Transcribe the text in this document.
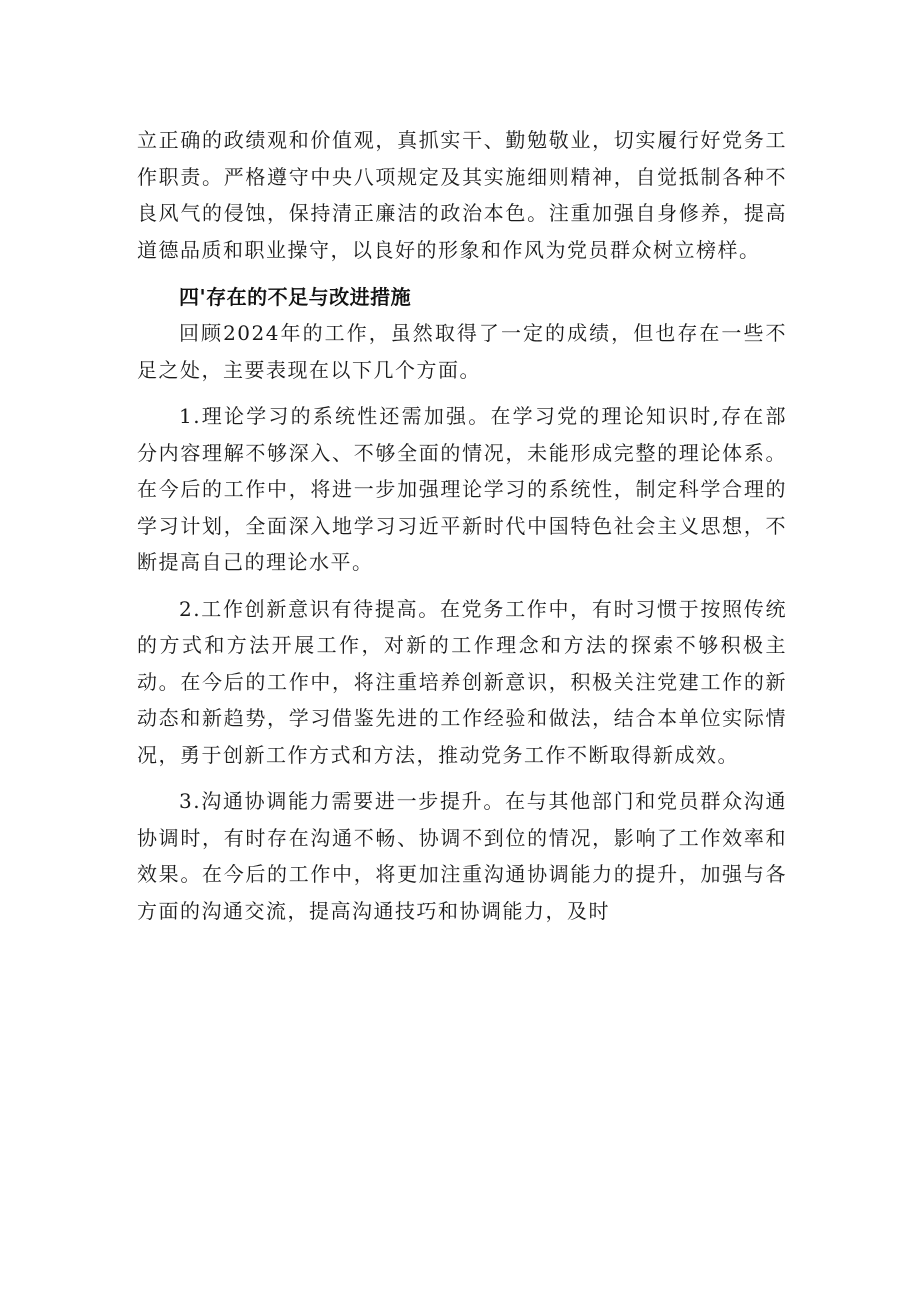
立正确的政绩观和价值观，真抓实干、勤勉敬业，切实履行好党务工作职责。严格遵守中央八项规定及其实施细则精神，自觉抵制各种不良风气的侵蚀，保持清正廉洁的政治本色。注重加强自身修养，提高道德品质和职业操守，以良好的形象和作风为党员群众树立榜样。

四'存在的不足与改进措施

回顾2024年的工作，虽然取得了一定的成绩，但也存在一些不足之处，主要表现在以下几个方面。

1.理论学习的系统性还需加强。在学习党的理论知识时,存在部分内容理解不够深入、不够全面的情况，未能形成完整的理论体系。在今后的工作中，将进一步加强理论学习的系统性，制定科学合理的学习计划，全面深入地学习习近平新时代中国特色社会主义思想，不断提高自己的理论水平。

2.工作创新意识有待提高。在党务工作中，有时习惯于按照传统的方式和方法开展工作，对新的工作理念和方法的探索不够积极主动。在今后的工作中，将注重培养创新意识，积极关注党建工作的新动态和新趋势，学习借鉴先进的工作经验和做法，结合本单位实际情况，勇于创新工作方式和方法，推动党务工作不断取得新成效。

3.沟通协调能力需要进一步提升。在与其他部门和党员群众沟通协调时，有时存在沟通不畅、协调不到位的情况，影响了工作效率和效果。在今后的工作中，将更加注重沟通协调能力的提升，加强与各方面的沟通交流，提高沟通技巧和协调能力，及时
